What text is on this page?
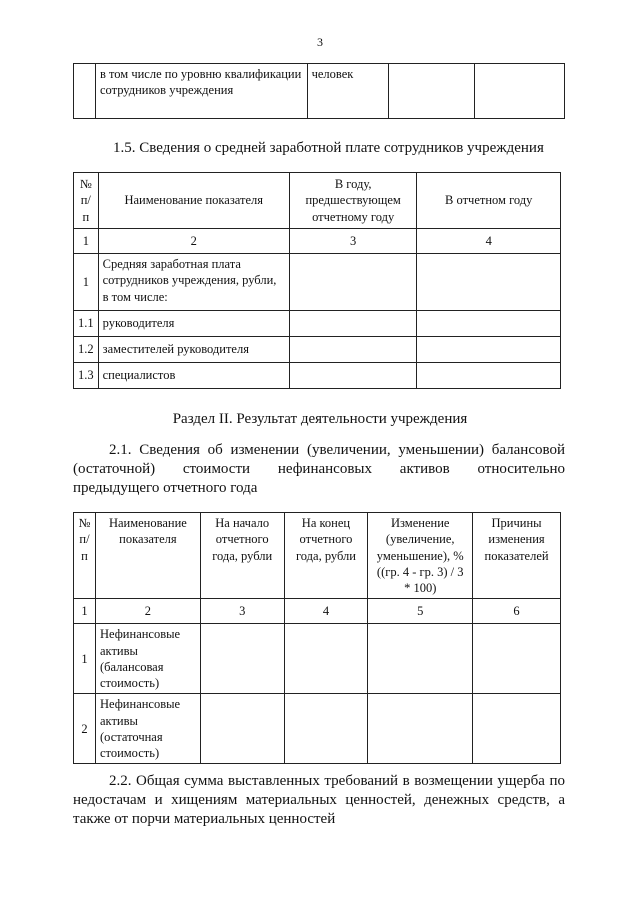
3
	в том числе по уровню квалификации сотрудников учреждения	человек		
1.5. Сведения о средней заработной плате сотрудников учреждения
№ п/п	Наименование показателя	В году, предшествующем отчетному году	В отчетном году
1	2	3	4
1	Средняя заработная плата сотрудников учреждения, рубли, в том числе:		
1.1	руководителя		
1.2	заместителей руководителя		
1.3	специалистов		
Раздел II. Результат деятельности учреждения
2.1. Сведения об изменении (увеличении, уменьшении) балансовой (остаточной) стоимости нефинансовых активов относительно
предыдущего отчетного года
№ п/п	Наименование показателя	На начало отчетного года, рубли	На конец отчетного года, рубли	Изменение (увеличение, уменьшение), % ((гр. 4 - гр. 3) / 3 * 100)	Причины изменения показателей
1	2	3	4	5	6
1	Нефинансовые активы (балансовая стоимость)				
2	Нефинансовые активы (остаточная стоимость)				
2.2. Общая сумма выставленных требований в возмещении ущерба по недостачам и хищениям материальных ценностей, денежных средств, а
также от порчи материальных ценностей
